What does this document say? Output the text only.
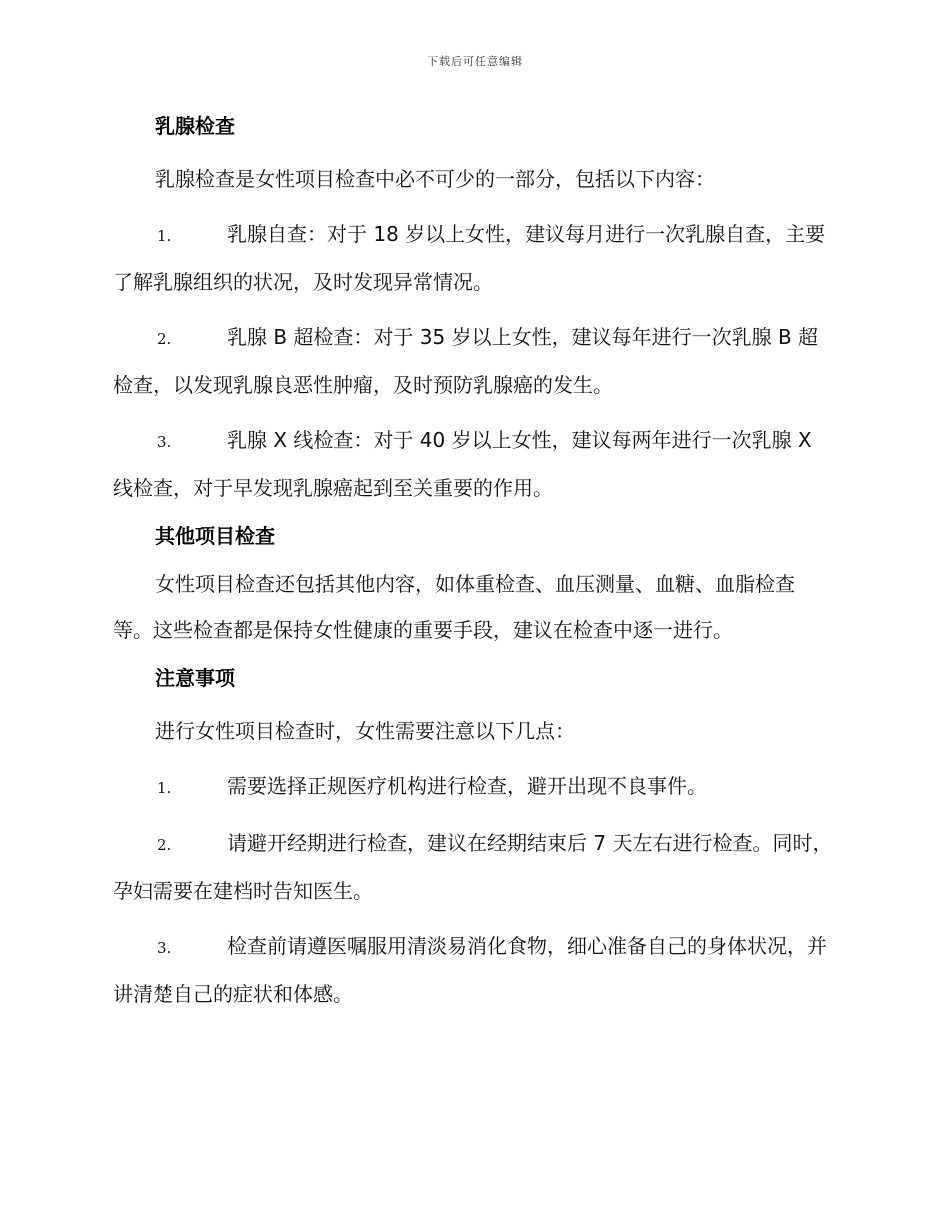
下载后可任意编辑
乳腺检查

乳腺检查是女性项目检查中必不可少的一部分，包括以下内容：

1.	乳腺自查：对于 18 岁以上女性，建议每月进行一次乳腺自查，主要了解乳腺组织的状况，及时发现异常情况。

2.	乳腺 B 超检查：对于 35 岁以上女性，建议每年进行一次乳腺 B 超检查，以发现乳腺良恶性肿瘤，及时预防乳腺癌的发生。

3.	乳腺 X 线检查：对于 40 岁以上女性，建议每两年进行一次乳腺 X 线检查，对于早发现乳腺癌起到至关重要的作用。

其他项目检查

女性项目检查还包括其他内容，如体重检查、血压测量、血糖、血脂检查等。这些检查都是保持女性健康的重要手段，建议在检查中逐一进行。

注意事项

进行女性项目检查时，女性需要注意以下几点：

1.	需要选择正规医疗机构进行检查，避开出现不良事件。

2.	请避开经期进行检查，建议在经期结束后 7 天左右进行检查。同时，孕妇需要在建档时告知医生。

3.	检查前请遵医嘱服用清淡易消化食物，细心准备自己的身体状况，并讲清楚自己的症状和体感。
